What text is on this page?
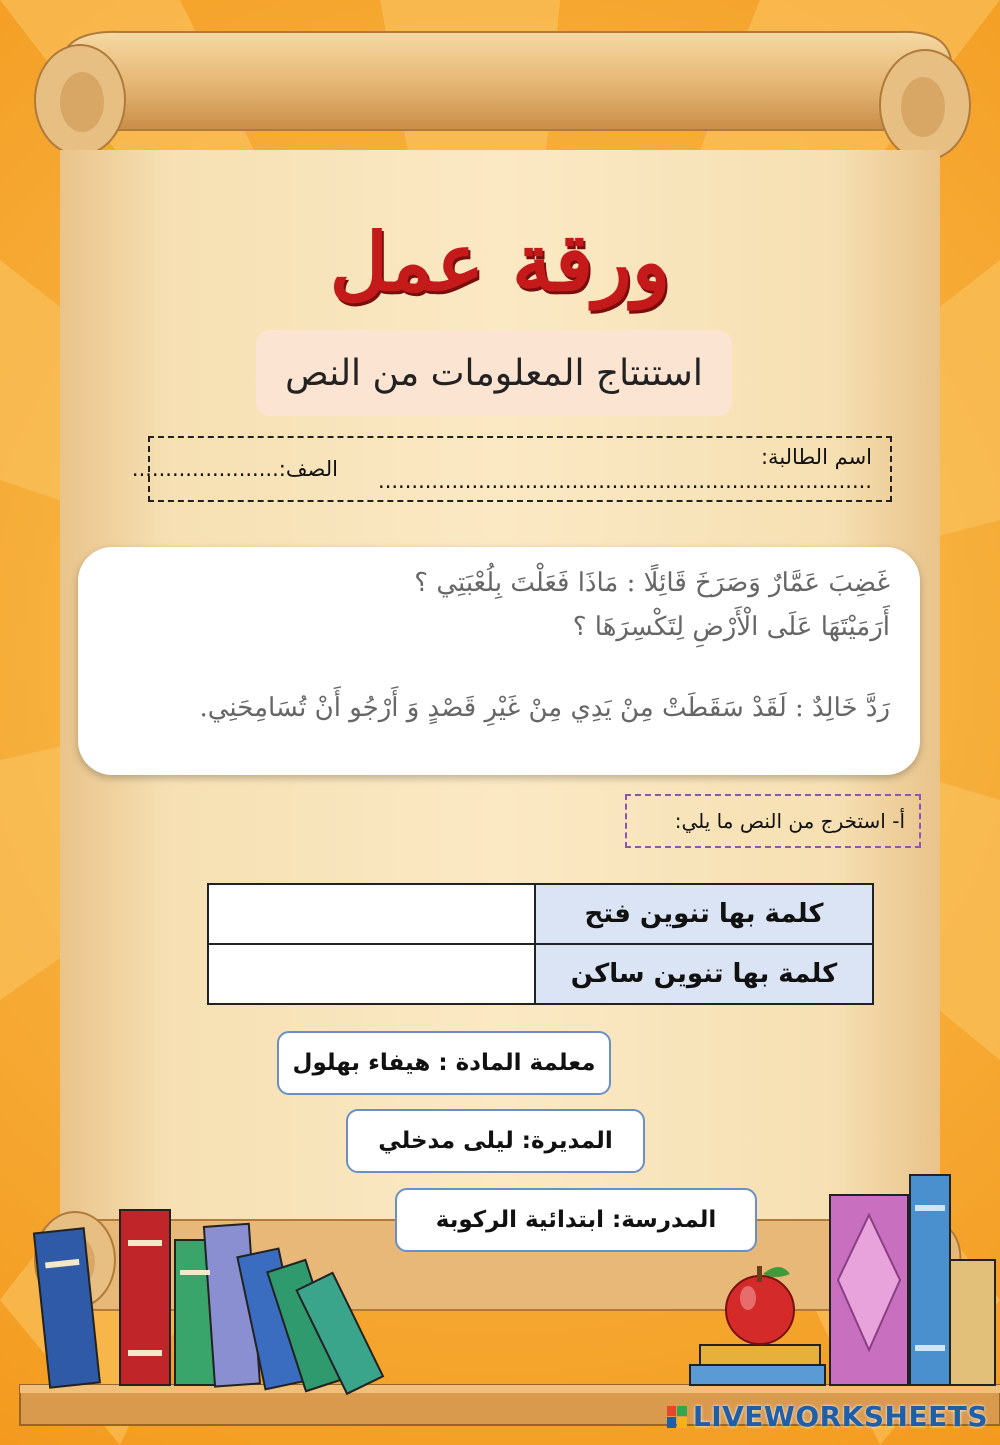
ورقة عمل
استنتاج المعلومات من النص
اسم الطالبة: ..........................................................................
الصف:......................

غَضِبَ عَمَّارٌ وَصَرَخَ قَائِلًا : مَاذَا فَعَلْتَ بِلُعْبَتِي ؟

أَرَمَيْتَهَا عَلَى الْأَرْضِ لِتَكْسِرَهَا ؟

رَدَّ خَالِدٌ : لَقَدْ سَقَطَتْ مِنْ يَدِي مِنْ غَيْرِ قَصْدٍ وَ أَرْجُو أَنْ تُسَامِحَنِي.

أ- استخرج من النص ما يلي:
كلمة بها تنوين فتح	
كلمة بها تنوين ساكن	
معلمة المادة : هيفاء بهلول
المديرة: ليلى مدخلي
المدرسة: ابتدائية الركوبة
LIVEWORKSHEETS
